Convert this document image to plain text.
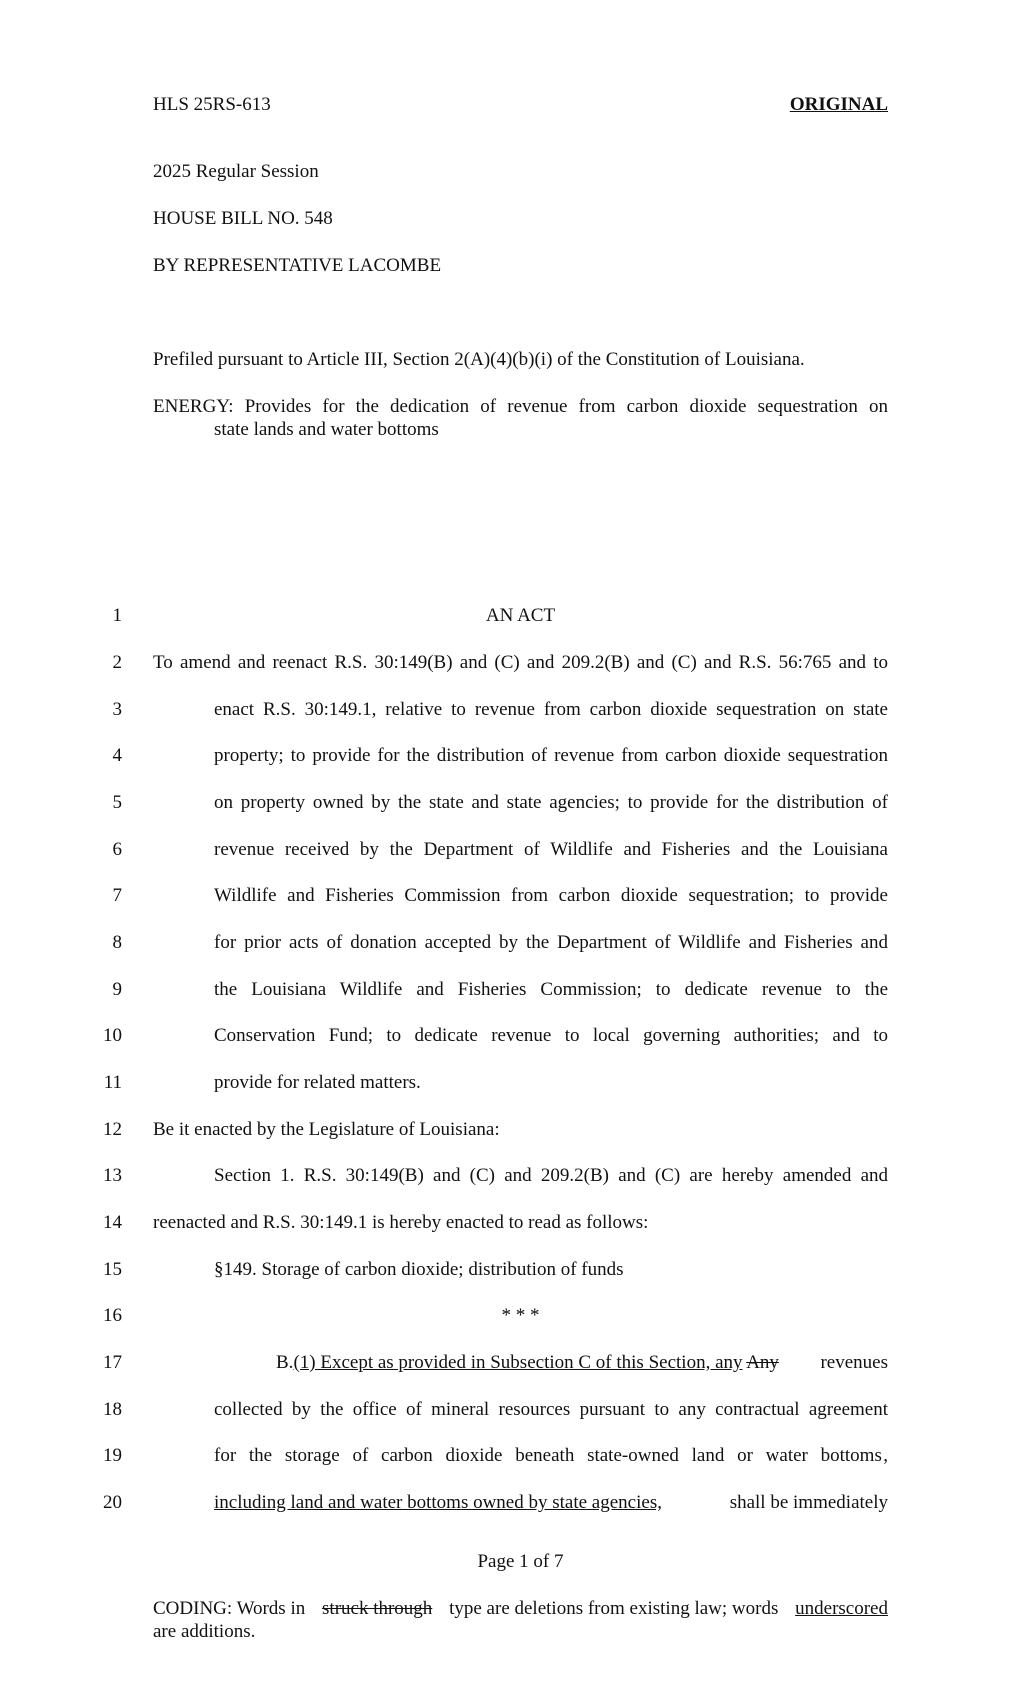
HLS 25RS-613	ORIGINAL
2025 Regular Session
HOUSE BILL NO. 548
BY REPRESENTATIVE LACOMBE
Prefiled pursuant to Article III, Section 2(A)(4)(b)(i) of the Constitution of Louisiana.
ENERGY: Provides for the dedication of revenue from carbon dioxide sequestration on
state lands and water bottoms
1
2
3
4
5
6
7
8
9
10
11
12
13
14
15
16
17
18
19
20
AN ACT
To amend and reenact R.S. 30:149(B) and (C) and 209.2(B) and (C) and R.S. 56:765 and to
enact R.S. 30:149.1, relative to revenue from carbon dioxide sequestration on state
property; to provide for the distribution of revenue from carbon dioxide sequestration
on property owned by the state and state agencies; to provide for the distribution of
revenue received by the Department of Wildlife and Fisheries and the Louisiana
Wildlife and Fisheries Commission from carbon dioxide sequestration; to provide
for prior acts of donation accepted by the Department of Wildlife and Fisheries and
the Louisiana Wildlife and Fisheries Commission; to dedicate revenue to the
Conservation Fund; to dedicate revenue to local governing authorities; and to
provide for related matters.
Be it enacted by the Legislature of Louisiana:
Section 1. R.S. 30:149(B) and (C) and 209.2(B) and (C) are hereby amended and
reenacted and R.S. 30:149.1 is hereby enacted to read as follows:
§149. Storage of carbon dioxide; distribution of funds
* * *
B.(1) Except as provided in Subsection C of this Section, any Any revenues
collected by the office of mineral resources pursuant to any contractual agreement
for the storage of carbon dioxide beneath state-owned land or water bottoms ,
including land and water bottoms owned by state agencies,	shall be immediately
Page 1 of 7
CODING: Words in struck through type are deletions from existing law; words underscored
are additions.
